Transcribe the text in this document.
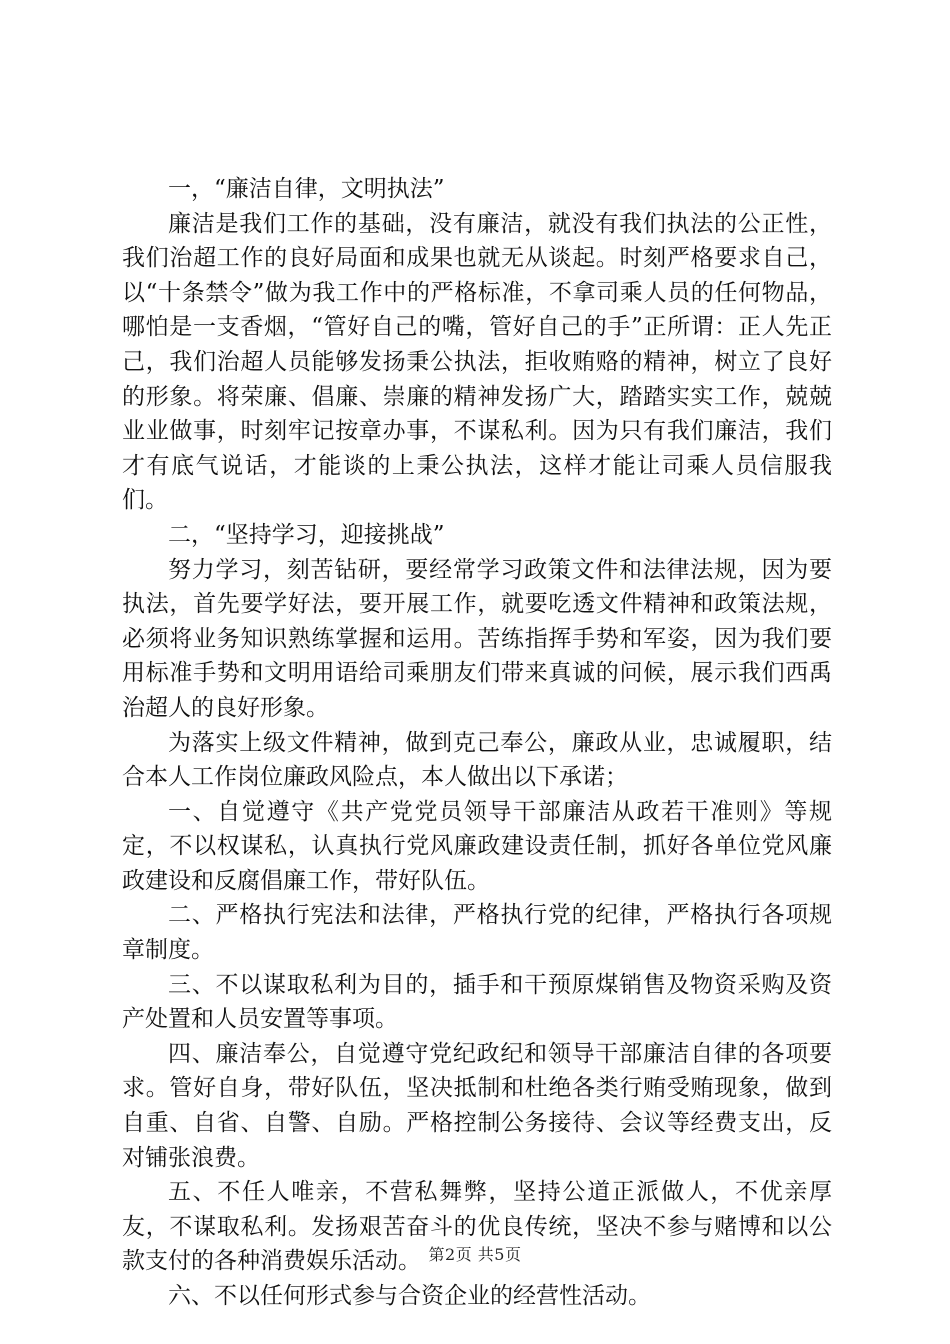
一，“廉洁自律，文明执法”

廉洁是我们工作的基础，没有廉洁，就没有我们执法的公正性，我们治超工作的良好局面和成果也就无从谈起。时刻严格要求自己，以“十条禁令”做为我工作中的严格标准，不拿司乘人员的任何物品，哪怕是一支香烟，“管好自己的嘴，管好自己的手”正所谓：正人先正己，我们治超人员能够发扬秉公执法，拒收贿赂的精神，树立了良好的形象。将荣廉、倡廉、崇廉的精神发扬广大，踏踏实实工作，兢兢业业做事，时刻牢记按章办事，不谋私利。因为只有我们廉洁，我们才有底气说话，才能谈的上秉公执法，这样才能让司乘人员信服我们。

二，“坚持学习，迎接挑战”

努力学习，刻苦钻研，要经常学习政策文件和法律法规，因为要执法，首先要学好法，要开展工作，就要吃透文件精神和政策法规，必须将业务知识熟练掌握和运用。苦练指挥手势和军姿，因为我们要用标准手势和文明用语给司乘朋友们带来真诚的问候，展示我们西禹治超人的良好形象。

为落实上级文件精神，做到克己奉公，廉政从业，忠诚履职，结合本人工作岗位廉政风险点，本人做出以下承诺；

一、自觉遵守《共产党党员领导干部廉洁从政若干准则》等规定，不以权谋私，认真执行党风廉政建设责任制，抓好各单位党风廉政建设和反腐倡廉工作，带好队伍。

二、严格执行宪法和法律，严格执行党的纪律，严格执行各项规章制度。

三、不以谋取私利为目的，插手和干预原煤销售及物资采购及资产处置和人员安置等事项。

四、廉洁奉公，自觉遵守党纪政纪和领导干部廉洁自律的各项要求。管好自身，带好队伍，坚决抵制和杜绝各类行贿受贿现象，做到自重、自省、自警、自励。严格控制公务接待、会议等经费支出，反对铺张浪费。

五、不任人唯亲，不营私舞弊，坚持公道正派做人，不优亲厚友，不谋取私利。发扬艰苦奋斗的优良传统，坚决不参与赌博和以公款支付的各种消费娱乐活动。

六、不以任何形式参与合资企业的经营性活动。

第2页 共5页
